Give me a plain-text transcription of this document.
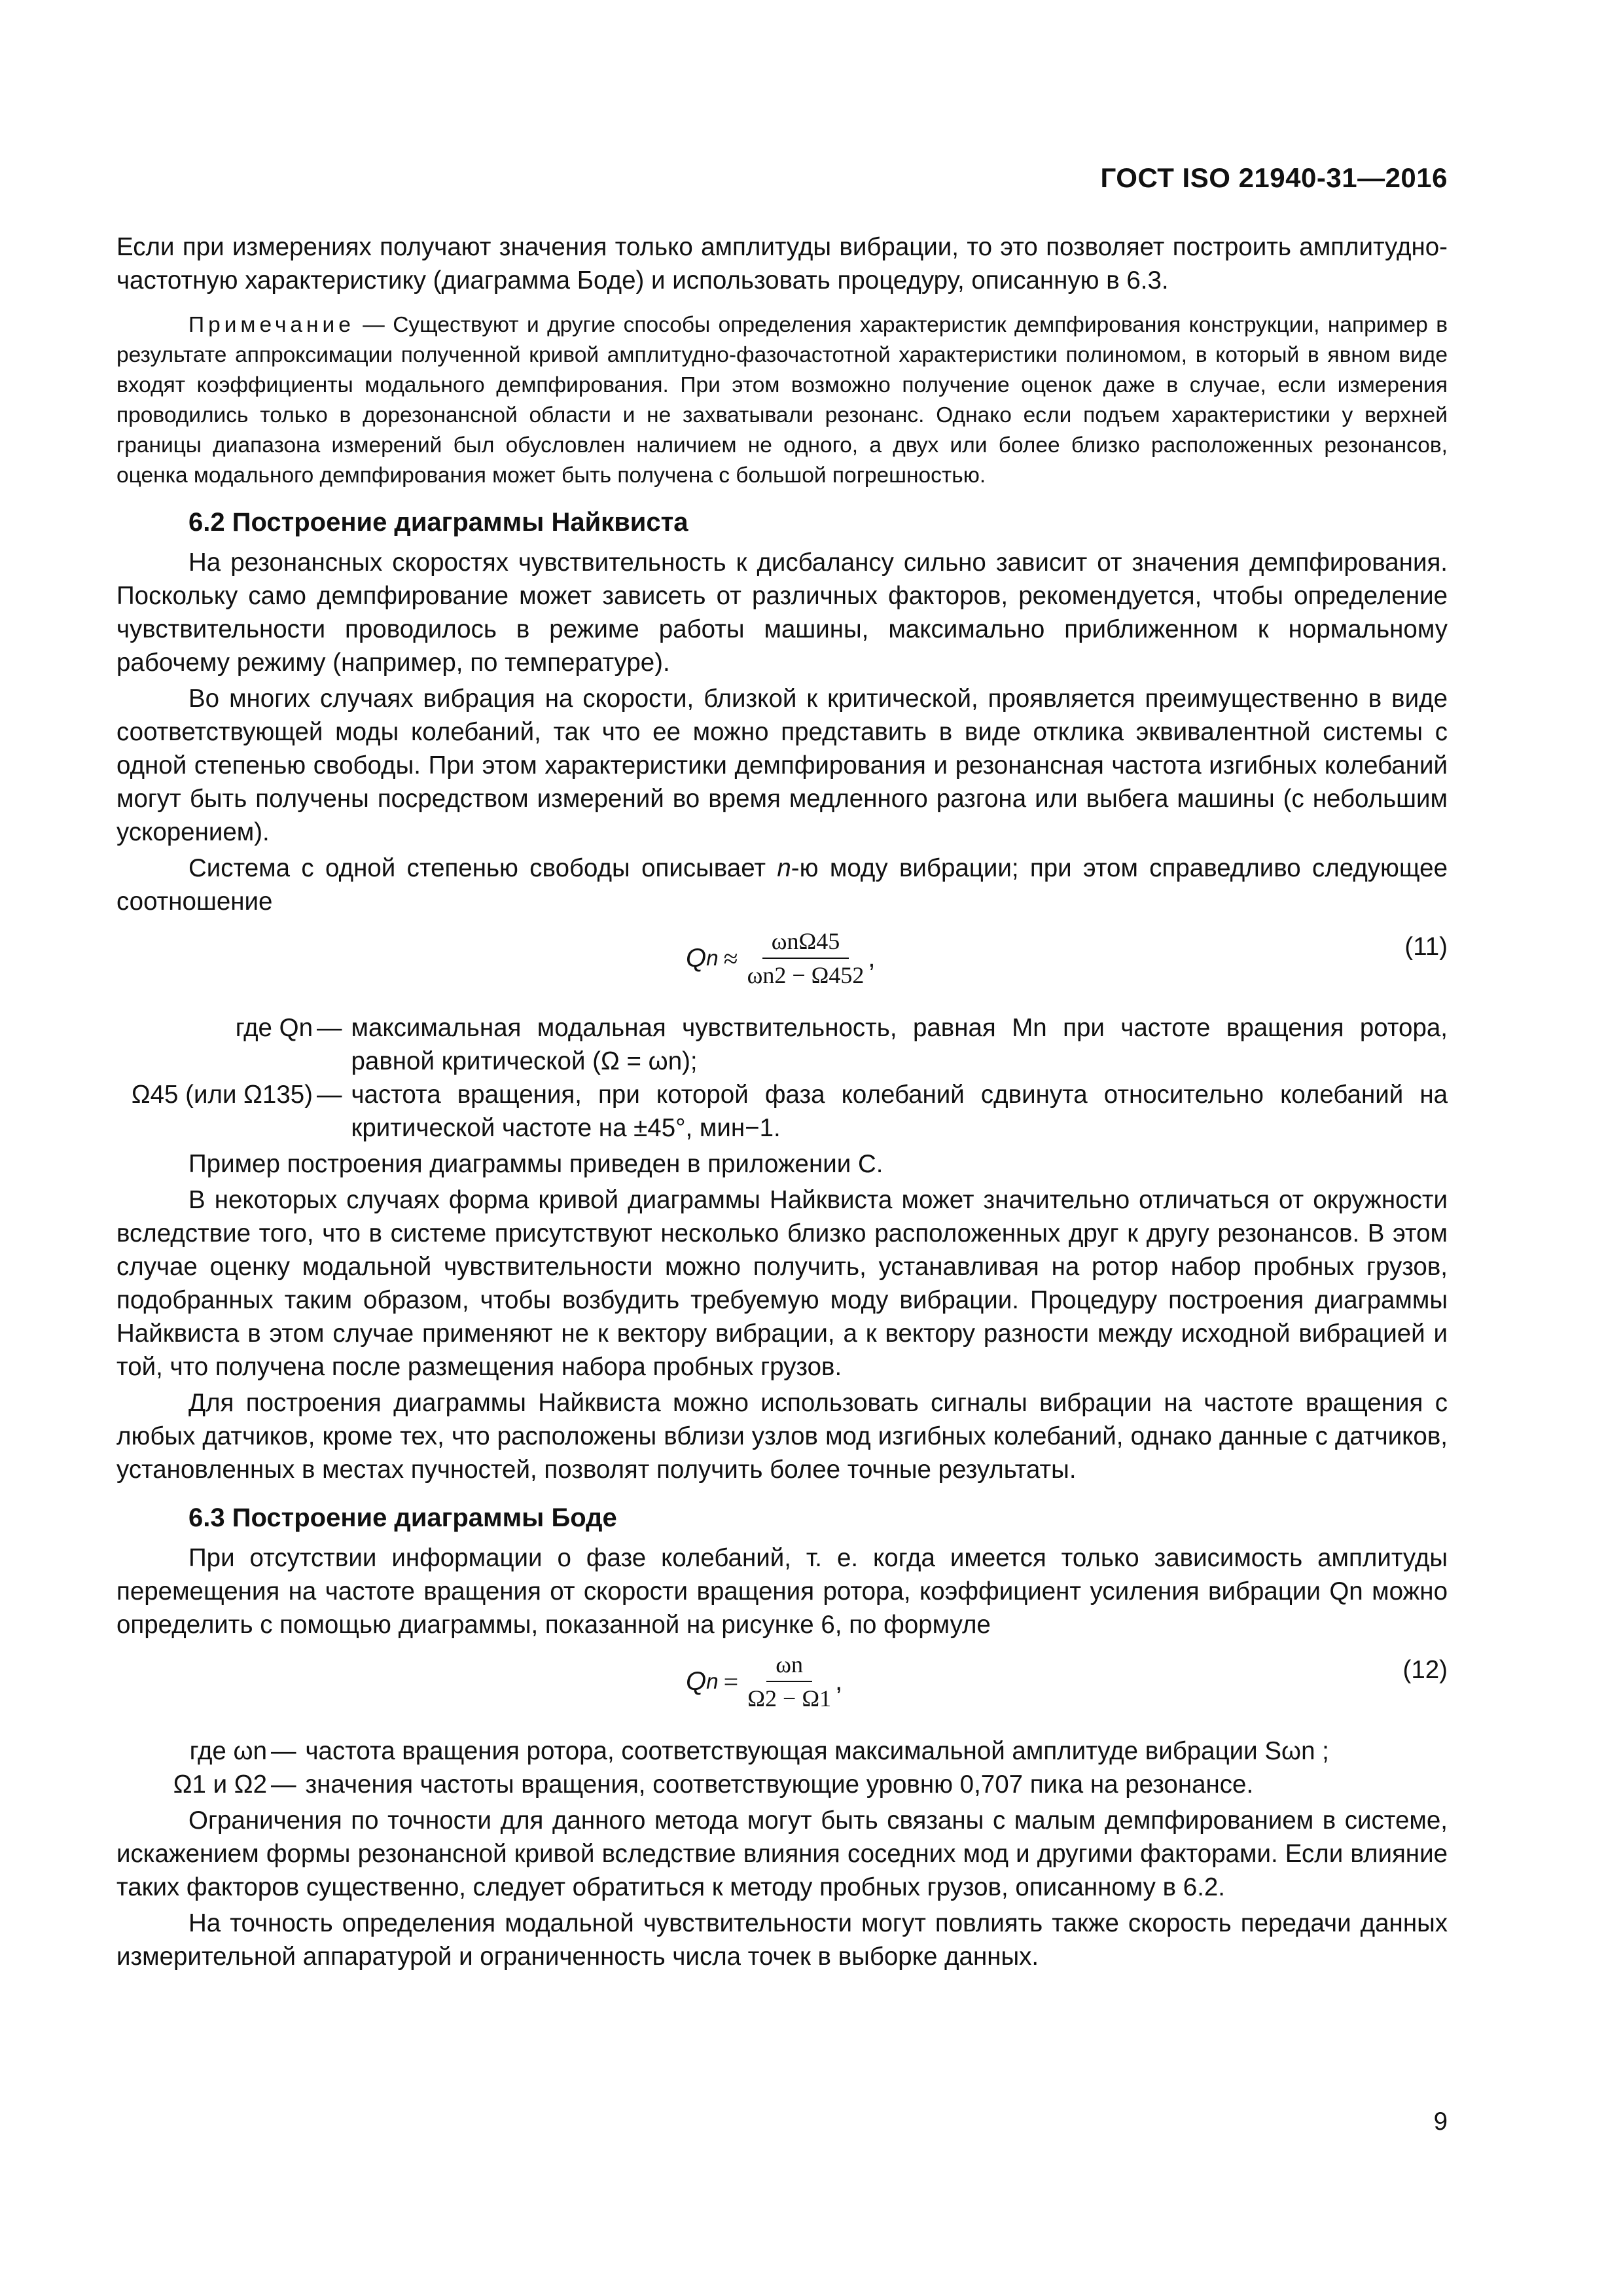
ГОСТ ISO 21940-31—2016

Если при измерениях получают значения только амплитуды вибрации, то это позволяет построить амплитудно-частотную характеристику (диаграмма Боде) и использовать процедуру, описанную в 6.3.

Примечание — Существуют и другие способы определения характеристик демпфирования конструкции, например в результате аппроксимации полученной кривой амплитудно-фазочастотной характеристики полиномом, в который в явном виде входят коэффициенты модального демпфирования. При этом возможно получение оценок даже в случае, если измерения проводились только в дорезонансной области и не захватывали резонанс. Однако если подъем характеристики у верхней границы диапазона измерений был обусловлен наличием не одного, а двух или более близко расположенных резонансов, оценка модального демпфирования может быть получена с большой погрешностью.

6.2 Построение диаграммы Найквиста

На резонансных скоростях чувствительность к дисбалансу сильно зависит от значения демпфирования. Поскольку само демпфирование может зависеть от различных факторов, рекомендуется, чтобы определение чувствительности проводилось в режиме работы машины, максимально приближенном к нормальному рабочему режиму (например, по температуре).

Во многих случаях вибрация на скорости, близкой к критической, проявляется преимущественно в виде соответствующей моды колебаний, так что ее можно представить в виде отклика эквивалентной системы с одной степенью свободы. При этом характеристики демпфирования и резонансная частота изгибных колебаний могут быть получены посредством измерений во время медленного разгона или выбега машины (с небольшим ускорением).

Система с одной степенью свободы описывает n-ю моду вибрации; при этом справедливо следующее соотношение

Q $n \approx \frac{\text{ωnΩ45}}{\omega n2 - \Omega 452}$ ,	(11)
где Qn	—	максимальная модальная чувствительность, равная Mn при частоте вращения ротора, равной критической (Ω = ωn);
Ω45 (или Ω135)	—	частота вращения, при которой фаза колебаний сдвинута относительно колебаний на критической частоте на ±45°, мин−1.

Пример построения диаграммы приведен в приложении С.

В некоторых случаях форма кривой диаграммы Найквиста может значительно отличаться от окружности вследствие того, что в системе присутствуют несколько близко расположенных друг к другу резонансов. В этом случае оценку модальной чувствительности можно получить, устанавливая на ротор набор пробных грузов, подобранных таким образом, чтобы возбудить требуемую моду вибрации. Процедуру построения диаграммы Найквиста в этом случае применяют не к вектору вибрации, а к вектору разности между исходной вибрацией и той, что получена после размещения набора пробных грузов.

Для построения диаграммы Найквиста можно использовать сигналы вибрации на частоте вращения с любых датчиков, кроме тех, что расположены вблизи узлов мод изгибных колебаний, однако данные с датчиков, установленных в местах пучностей, позволят получить более точные результаты.

6.3 Построение диаграммы Боде

При отсутствии информации о фазе колебаний, т. е. когда имеется только зависимость амплитуды перемещения на частоте вращения от скорости вращения ротора, коэффициент усиления вибрации Qn можно определить с помощью диаграммы, показанной на рисунке 6, по формуле

Q $n = \frac{\omega n}{\Omega 2 - \Omega 1}$ ,	(12)
где ωn	—	частота вращения ротора, соответствующая максимальной амплитуде вибрации Sωn ;
Ω1 и Ω2	—	значения частоты вращения, соответствующие уровню 0,707 пика на резонансе.

Ограничения по точности для данного метода могут быть связаны с малым демпфированием в системе, искажением формы резонансной кривой вследствие влияния соседних мод и другими факторами. Если влияние таких факторов существенно, следует обратиться к методу пробных грузов, описанному в 6.2.

На точность определения модальной чувствительности могут повлиять также скорость передачи данных измерительной аппаратурой и ограниченность числа точек в выборке данных.

9
